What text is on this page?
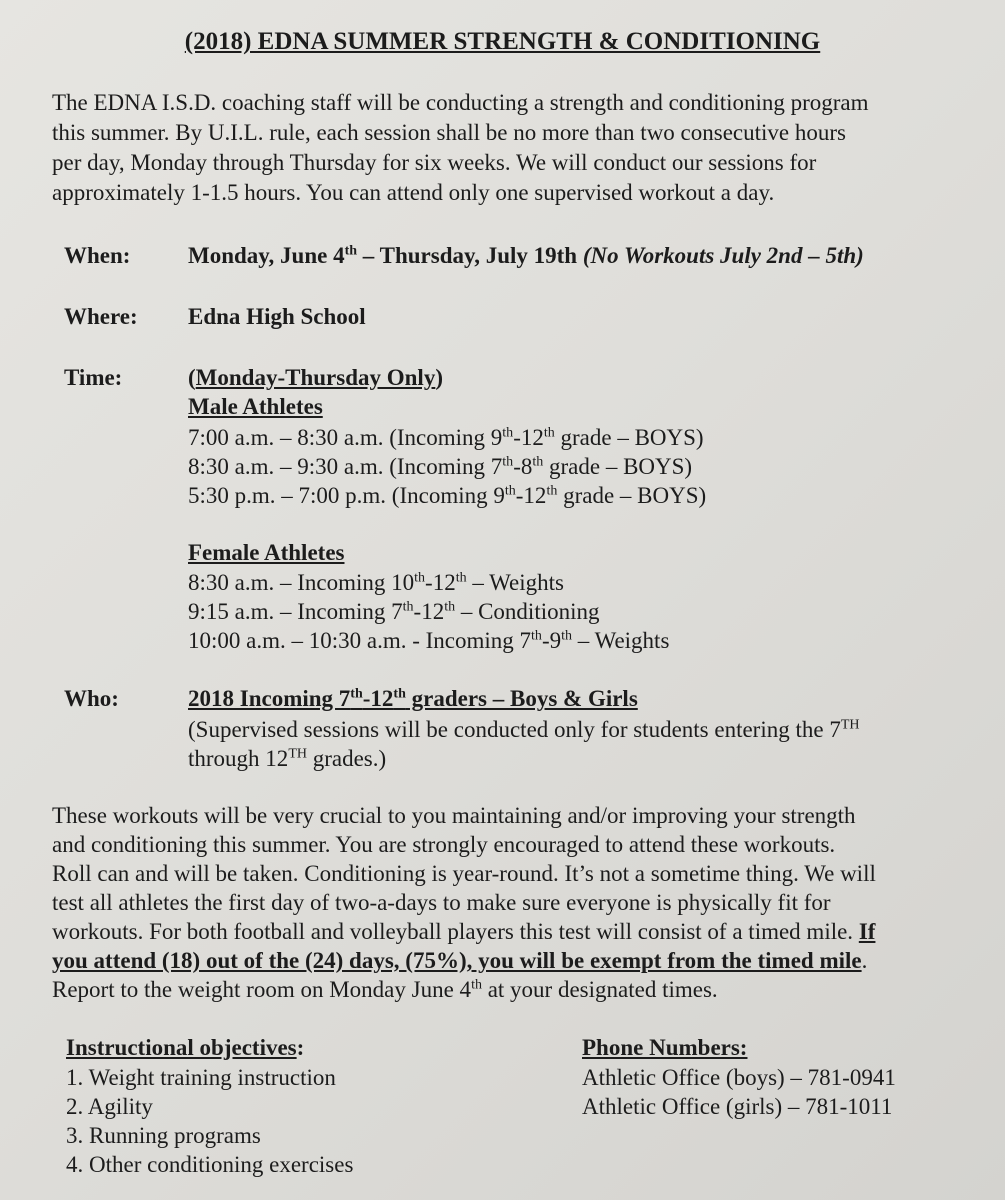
(2018) EDNA SUMMER STRENGTH & CONDITIONING
The EDNA I.S.D. coaching staff will be conducting a strength and conditioning program
this summer. By U.I.L. rule, each session shall be no more than two consecutive hours
per day, Monday through Thursday for six weeks. We will conduct our sessions for
approximately 1-1.5 hours. You can attend only one supervised workout a day.
When:	Monday, June 4th – Thursday, July 19th (No Workouts July 2nd – 5th)
Where: Edna High School
Time:	(Monday-Thursday Only)
Male Athletes
7:00 a.m. – 8:30 a.m. (Incoming 9th-12th grade – BOYS)
8:30 a.m. – 9:30 a.m. (Incoming 7th-8th grade – BOYS)
5:30 p.m. – 7:00 p.m. (Incoming 9th-12th grade – BOYS)
Female Athletes
8:30 a.m. – Incoming 10th-12th – Weights
9:15 a.m. – Incoming 7th-12th – Conditioning
10:00 a.m. – 10:30 a.m. - Incoming 7th-9th – Weights
Who:	2018 Incoming 7th-12th graders – Boys & Girls
(Supervised sessions will be conducted only for students entering the 7TH
through 12TH grades.)
These workouts will be very crucial to you maintaining and/or improving your strength
and conditioning this summer. You are strongly encouraged to attend these workouts.
Roll can and will be taken. Conditioning is year-round. It’s not a sometime thing. We will
test all athletes the first day of two-a-days to make sure everyone is physically fit for
workouts. For both football and volleyball players this test will consist of a timed mile. If
you attend (18) out of the (24) days, (75%), you will be exempt from the timed mile.
Report to the weight room on Monday June 4th at your designated times.
Instructional objectives:
1. Weight training instruction
2. Agility
3. Running programs
4. Other conditioning exercises
Phone Numbers:
Athletic Office (boys) – 781-0941
Athletic Office (girls) – 781-1011
